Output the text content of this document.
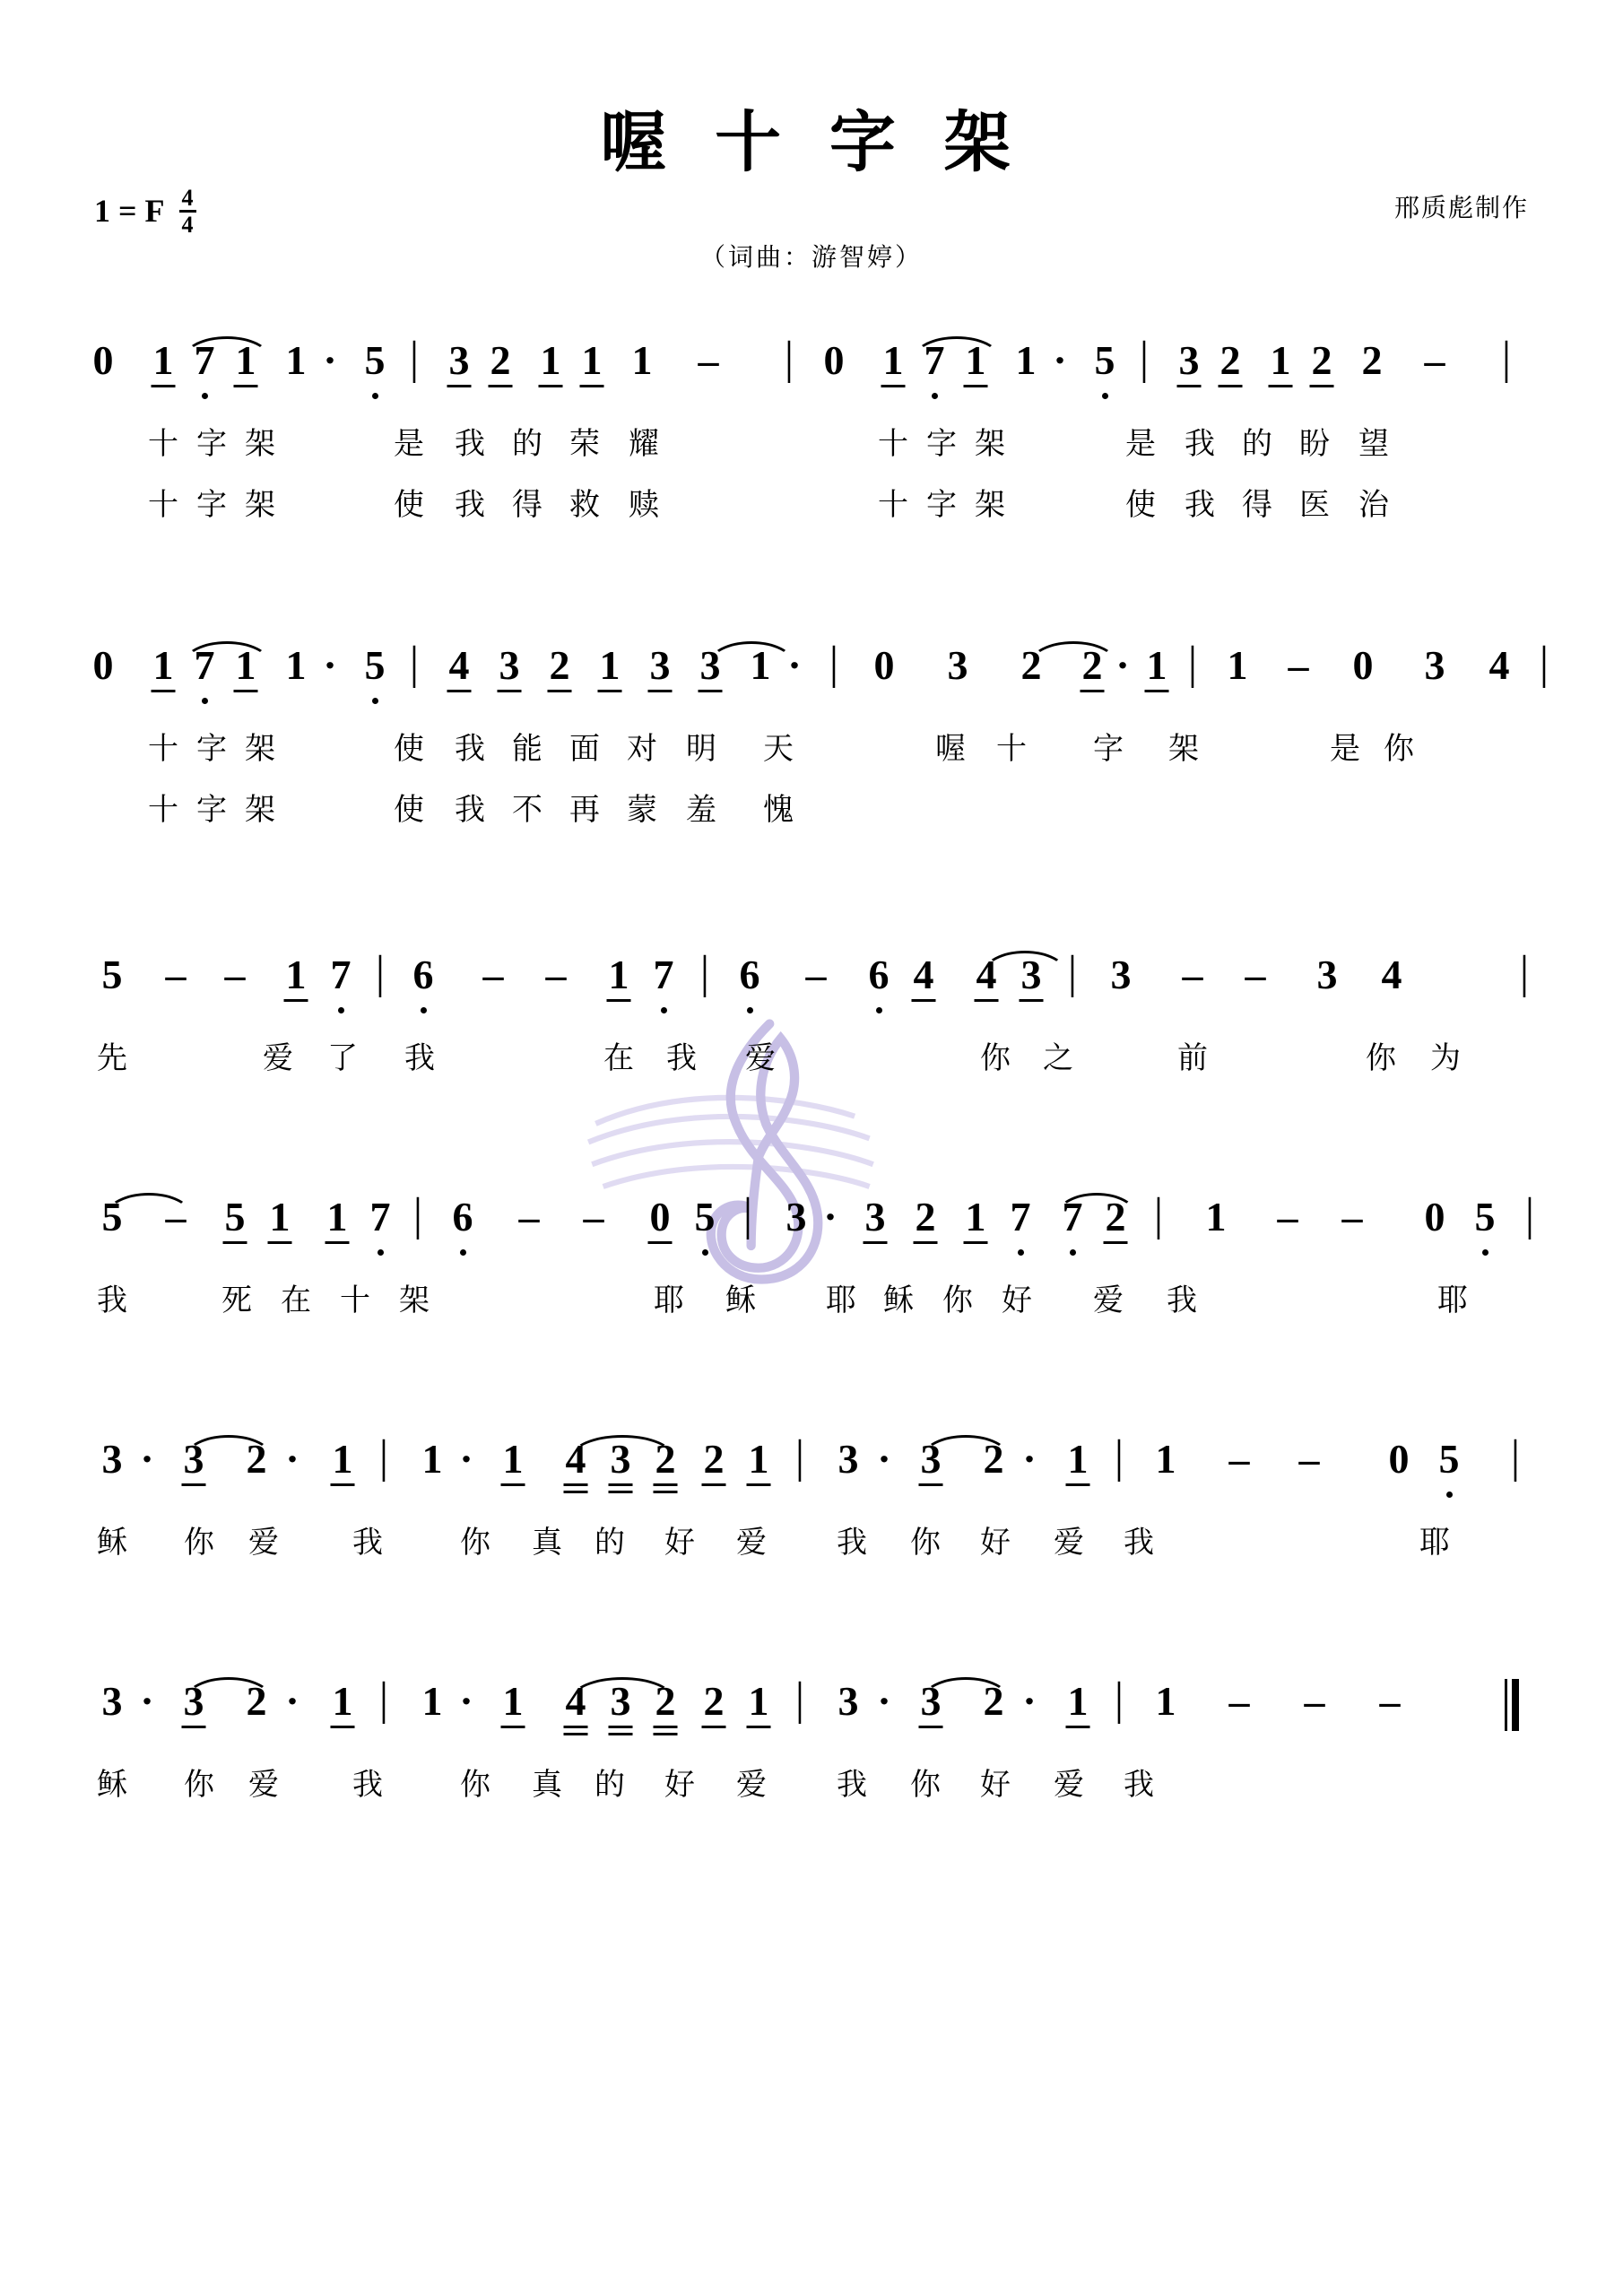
1 = F $\frac{4}{4}$
喔 十 字 架
（词曲：游智婷）
邢质彪制作
0 1 7 1 1 · 5 | 3 2 1 1 1 – | 0 1 7 1 1 · 5 | 3 2 1 2 2 – |
十 字 架	是 我 的 荣 耀	十 字 架	是 我 的 盼 望
十 字 架	使 我 得 救 赎	十 字 架	使 我 得 医 治
0 1 7 1 1 · 5 | 4 3 2 1 3 3 1 · | 0 3 2 2 · 1 | 1 – 0 3 4 |
十 字 架	使 我 能 面 对 明 天	喔 十 字 架	是 你
十 字 架	使 我 不 再 蒙 羞 愧
5 – – 1 7 | 6 – – 1 7 | 6 – 6 4 4 3 | 3 – – 3 4	|
先	爱 了 我	在 我 爱	你 之	前	你 为
5 – 5 1 1 7 | 6 – – 0 5 | 3 · 3 2 1 7 7 2 | 1 – – 0 5 |
我	死 在 十 架	耶 稣 耶 稣 你 好 爱 我	耶
3 · 3 2 · 1 | 1 · 1 4 3 2 2 1 | 3 · 3 2 · 1 | 1 – – 0 5 |
稣 你 爱 我	你 真 的 好 爱 我 你 好 爱 我	耶
3 · 3 2 · 1 | 1 · 1 4 3 2 2 1 | 3 · 3 2 · 1 | 1 – – –
稣 你 爱 我	你 真 的 好 爱 我 你 好 爱 我
